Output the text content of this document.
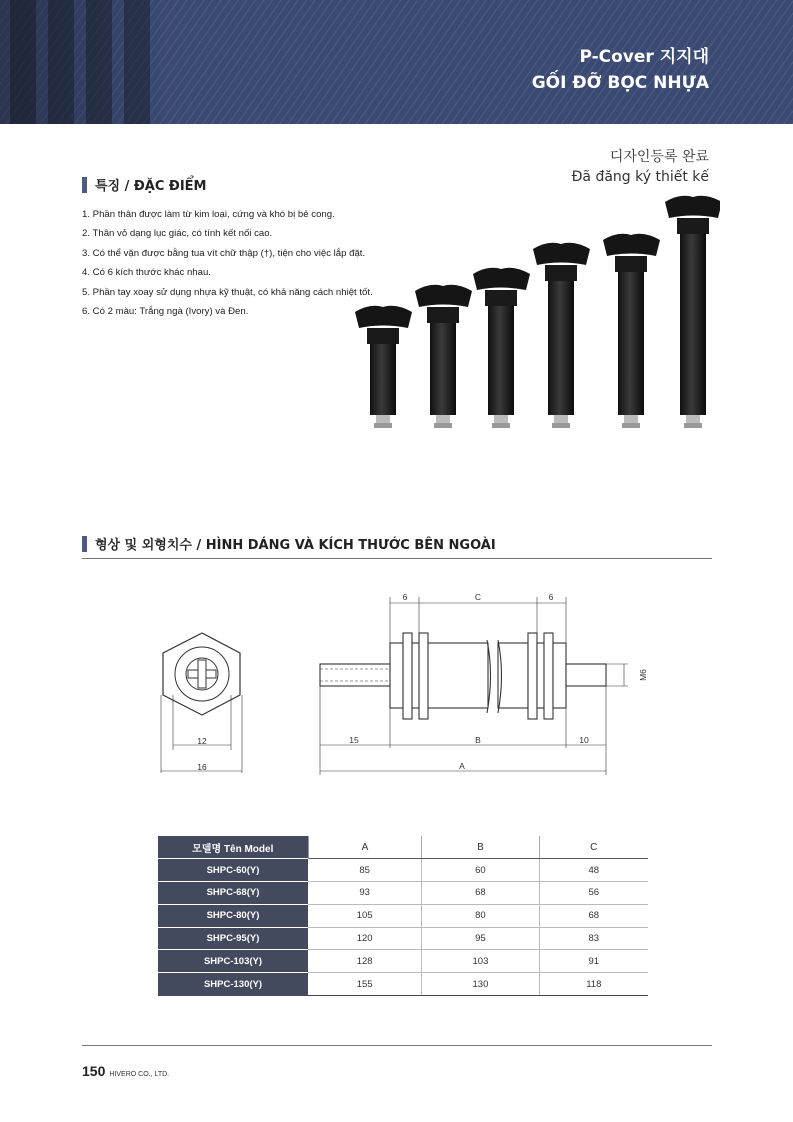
P-Cover 지지대
GỐI ĐỠ BỌC NHỰA
특징 / ĐẶC ĐIỂM
디자인등록 완료
Đã đăng ký thiết kế
1. Phần thân được làm từ kim loại, cứng và khó bị bẻ cong.
2. Thân vỏ dạng lục giác, có tính kết nối cao.
3. Có thể vặn được bằng tua vít chữ thập (†), tiện cho việc lắp đặt.
4. Có 6 kích thước khác nhau.
5. Phần tay xoay sử dụng nhựa kỹ thuật, có khả năng cách nhiệt tốt.
6. Có 2 màu: Trắng ngà (Ivory) và Đen.
형상 및 외형치수 / HÌNH DÁNG VÀ KÍCH THƯỚC BÊN NGOÀI
12
16
6	C	6
M6
15	B	10
A
모델명 Tên Model	A	B	C
SHPC-60(Y)	85	60	48
SHPC-68(Y)	93	68	56
SHPC-80(Y)	105	80	68
SHPC-95(Y)	120	95	83
SHPC-103(Y)	128	103	91
SHPC-130(Y)	155	130	118
150 HIVERO CO., LTD.
